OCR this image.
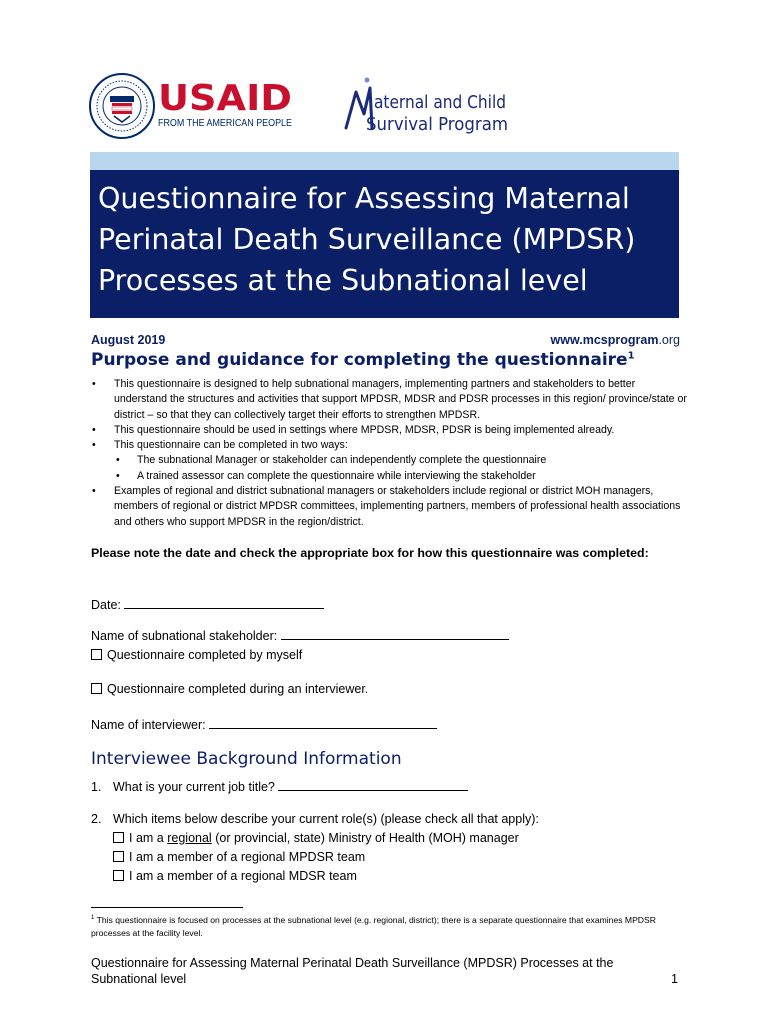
USAID
FROM THE AMERICAN PEOPLE
aternal and Child
Survival Program
Questionnaire for Assessing Maternal Perinatal Death Surveillance (MPDSR) Processes at the Subnational level
August 2019	www.mcsprogram.org
Purpose and guidance for completing the questionnaire$^1$
• This questionnaire is designed to help subnational managers, implementing partners and stakeholders to better understand the structures and activities that support MPDSR, MDSR and PDSR processes in this region/ province/state or district – so that they can collectively target their efforts to strengthen MPDSR.
• This questionnaire should be used in settings where MPDSR, MDSR, PDSR is being implemented already.
• This questionnaire can be completed in two ways:
• The subnational Manager or stakeholder can independently complete the questionnaire
• A trained assessor can complete the questionnaire while interviewing the stakeholder
• Examples of regional and district subnational managers or stakeholders include regional or district MOH managers, members of regional or district MPDSR committees, implementing partners, members of professional health associations and others who support MPDSR in the region/district.
Please note the date and check the appropriate box for how this questionnaire was completed:
Date:
Name of subnational stakeholder:
Questionnaire completed by myself
Questionnaire completed during an interviewer.
Name of interviewer:
Interviewee Background Information
1. What is your current job title?
2. Which items below describe your current role(s) (please check all that apply):
I am a regional (or provincial, state) Ministry of Health (MOH) manager
I am a member of a regional MPDSR team
I am a member of a regional MDSR team
$^1$ This questionnaire is focused on processes at the subnational level (e.g. regional, district); there is a separate questionnaire that examines MPDSR processes at the facility level.
Questionnaire for Assessing Maternal Perinatal Death Surveillance (MPDSR) Processes at the Subnational level	1
